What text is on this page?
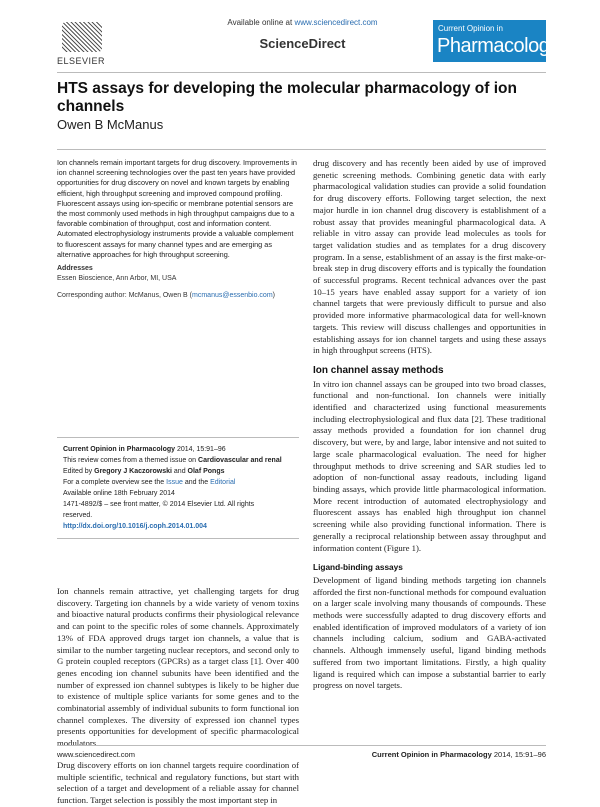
ELSEVIER
Available online at www.sciencedirect.com
ScienceDirect
Current Opinion in
Pharmacology
HTS assays for developing the molecular pharmacology of ion channels
Owen B McManus
Ion channels remain important targets for drug discovery. Improvements in ion channel screening technologies over the past ten years have provided opportunities for drug discovery on novel and known targets by enabling efficient, high throughput screening and improved compound profiling. Fluorescent assays using ion-specific or membrane potential sensors are the most commonly used methods in high throughput campaigns due to a favorable combination of throughput, cost and information content. Automated electrophysiology instruments provide a valuable complement to fluorescent assays for many channel types and are emerging as alternative approaches for high throughput screening.
Addresses
Essen Bioscience, Ann Arbor, MI, USA
Corresponding author: McManus, Owen B (mcmanus@essenbio.com)
Current Opinion in Pharmacology 2014, 15:91–96
This review comes from a themed issue on Cardiovascular and renal
Edited by Gregory J Kaczorowski and Olaf Pongs
For a complete overview see the Issue and the Editorial
Available online 18th February 2014
1471-4892/$ – see front matter, © 2014 Elsevier Ltd. All rights reserved.
http://dx.doi.org/10.1016/j.coph.2014.01.004

Ion channels remain attractive, yet challenging targets for drug discovery. Targeting ion channels by a wide variety of venom toxins and bioactive natural products confirms their physiological relevance and can point to the specific roles of some channels. Approximately 13% of FDA approved drugs target ion channels, a value that is similar to the number targeting nuclear receptors, and second only to G protein coupled receptors (GPCRs) as a target class [1]. Over 400 genes encoding ion channel subunits have been identified and the number of expressed ion channel subtypes is likely to be higher due to existence of multiple splice variants for some genes and to the combinatorial assembly of individual subunits to form functional ion channel complexes. The diversity of expressed ion channel types presents opportunities for development of specific pharmacological modulators.

Drug discovery efforts on ion channel targets require coordination of multiple scientific, technical and regulatory functions, but start with selection of a target and development of a reliable assay for channel function. Target selection is possibly the most important step in

drug discovery and has recently been aided by use of improved genetic screening methods. Combining genetic data with early pharmacological validation studies can provide a solid foundation for drug discovery efforts. Following target selection, the next major hurdle in ion channel drug discovery is establishment of a robust assay that provides meaningful pharmacological data. A reliable in vitro assay can provide lead molecules as tools for target validation studies and as templates for a drug discovery program. In a sense, establishment of an assay is the first make-or-break step in drug discovery efforts and is typically the foundation of successful programs. Recent technical advances over the past 10–15 years have enabled assay support for a variety of ion channel targets that were previously difficult to pursue and also provided more informative pharmacological data for well-known targets. This review will discuss challenges and opportunities in establishing assays for ion channel targets and using these assays in high throughput screens (HTS).

Ion channel assay methods

In vitro ion channel assays can be grouped into two broad classes, functional and non-functional. Ion channels were initially identified and characterized using functional measurements including electrophysiological and flux data [2]. These traditional assay methods provided a foundation for ion channel drug discovery, but were, by and large, labor intensive and not suited to large scale pharmacological evaluation. The need for higher throughput methods to drive screening and SAR studies led to adoption of non-functional assay readouts, including ligand binding assays, which provide little pharmacological information. More recent introduction of automated electrophysiology and fluorescent assays has enabled high throughput ion channel screening while also providing functional information. There is generally a reciprocal relationship between assay throughput and information content (Figure 1).

Ligand-binding assays

Development of ligand binding methods targeting ion channels afforded the first non-functional methods for compound evaluation on a larger scale involving many thousands of compounds. These methods were successfully adapted to drug discovery efforts and enabled identification of improved modulators of a variety of ion channels including calcium, sodium and GABA-activated channels. Although immensely useful, ligand binding methods suffered from two important limitations. Firstly, a high quality ligand is required which can impose a substantial barrier to early progress on novel targets.

www.sciencedirect.com	Current Opinion in Pharmacology 2014, 15:91–96
